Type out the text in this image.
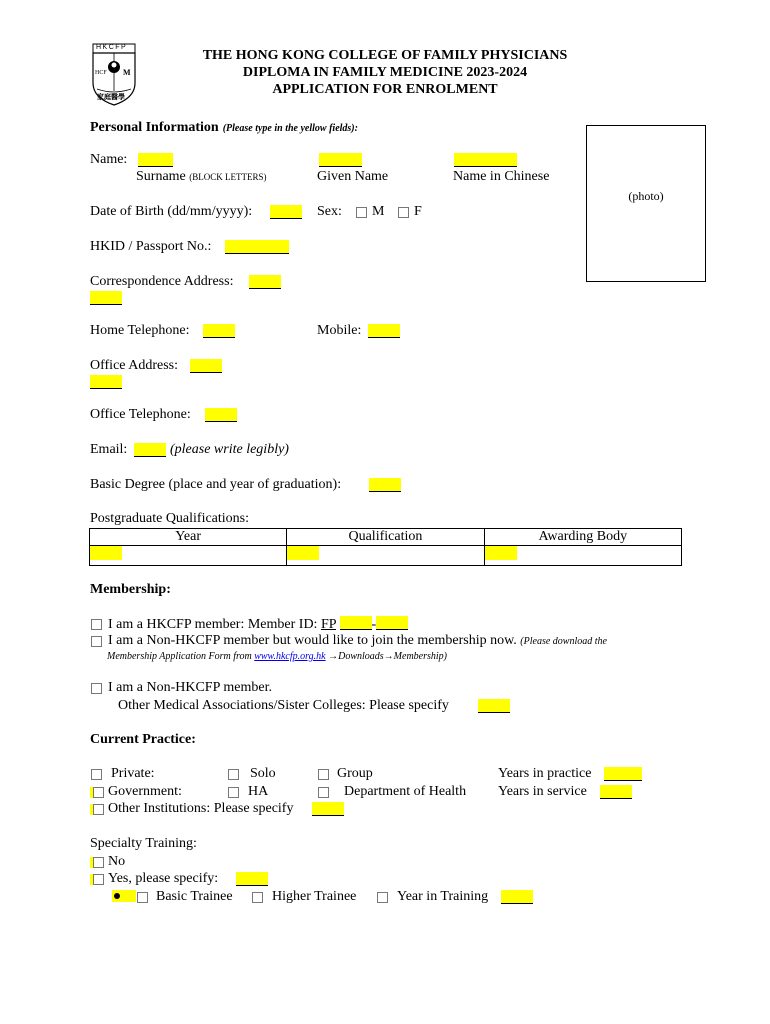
HKCFP
HCF M
家庭醫學
THE HONG KONG COLLEGE OF FAMILY PHYSICIANS
DIPLOMA IN FAMILY MEDICINE 2023-2024
APPLICATION FOR ENROLMENT
Personal Information (Please type in the yellow fields):
(photo)
Name:
Surname (BLOCK LETTERS)	Given Name	Name in Chinese
Date of Birth (dd/mm/yyyy):	Sex: M F
HKID / Passport No.:
Correspondence Address:
Home Telephone:	Mobile:
Office Address:
Office Telephone:
Email:	(please write legibly)
Basic Degree (place and year of graduation):
Postgraduate Qualifications:
Year	Qualification	Awarding Body

Membership:
I am a HKCFP member: Member ID: FP	-
I am a Non-HKCFP member but would like to join the membership now. (Please download the
Membership Application Form from www.hkcfp.org.hk →Downloads→Membership)
I am a Non-HKCFP member.
Other Medical Associations/Sister Colleges: Please specify
Current Practice:
Private:	Solo	Group	Years in practice
Government:	HA	Department of Health Years in service
Other Institutions: Please specify
Specialty Training:
No
Yes, please specify:
Basic Trainee	Higher Trainee	Year in Training
